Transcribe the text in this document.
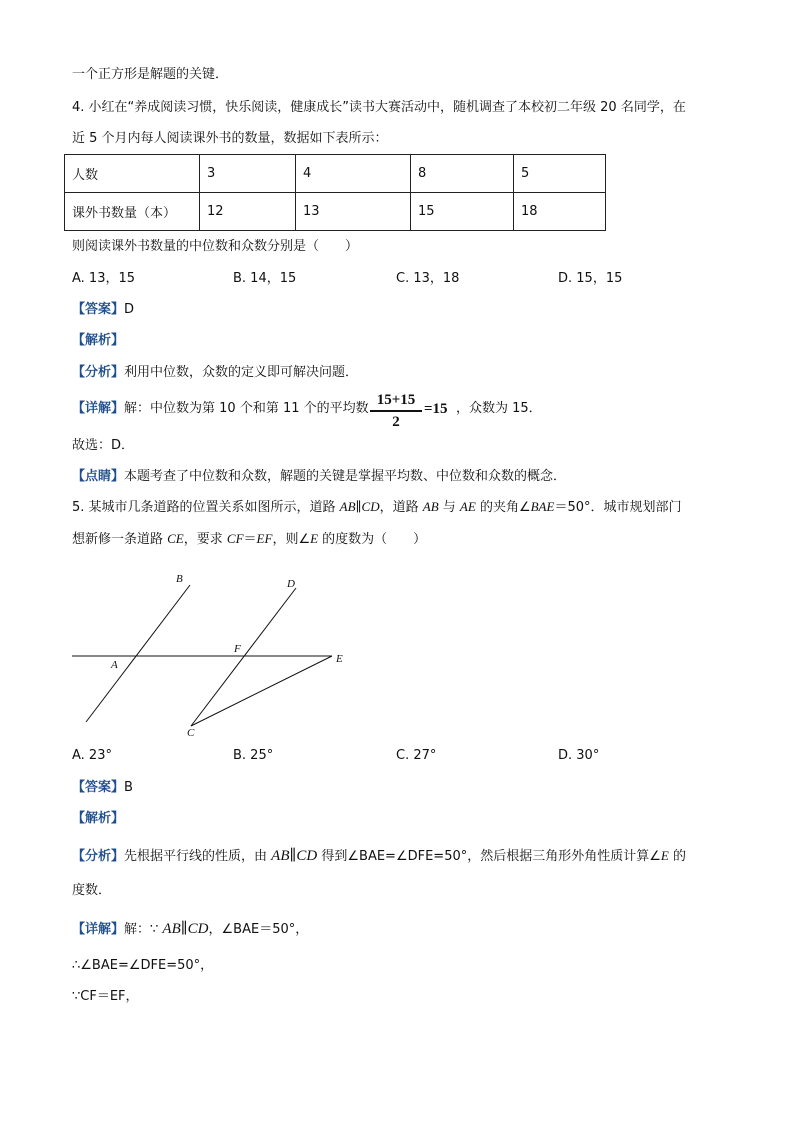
一个正方形是解题的关键．
4. 小红在“养成阅读习惯，快乐阅读，健康成长”读书大赛活动中，随机调查了本校初二年级 20 名同学，在
近 5 个月内每人阅读课外书的数量，数据如下表所示：
人数	3	4	8	5
课外书数量（本）	12	13	15	18
则阅读课外书数量的中位数和众数分别是（　　）
A. 13，15	B. 14，15	C. 13，18	D. 15，15
【答案】D
【解析】
【分析】利用中位数，众数的定义即可解决问题．
【详解】解：中位数为第 10 个和第 11 个的平均数
15+15
2
=15 ，众数为 15．
故选：D．
【点睛】本题考查了中位数和众数，解题的关键是掌握平均数、中位数和众数的概念．
5. 某城市几条道路的位置关系如图所示，道路 AB∥CD，道路 AB 与 AE 的夹角∠BAE＝50°．城市规划部门
想新修一条道路 CE，要求 CF＝EF，则∠E 的度数为（　　）
B	D
A
F
E
C
A. 23°	B. 25°	C. 27°	D. 30°
【答案】B
【解析】
【分析】先根据平行线的性质，由 AB∥CD 得到∠BAE=∠DFE=50°，然后根据三角形外角性质计算∠E 的
度数．
【详解】解：∵ AB∥CD，∠BAE＝50°，
∴∠BAE=∠DFE=50°，
∵CF＝EF，
